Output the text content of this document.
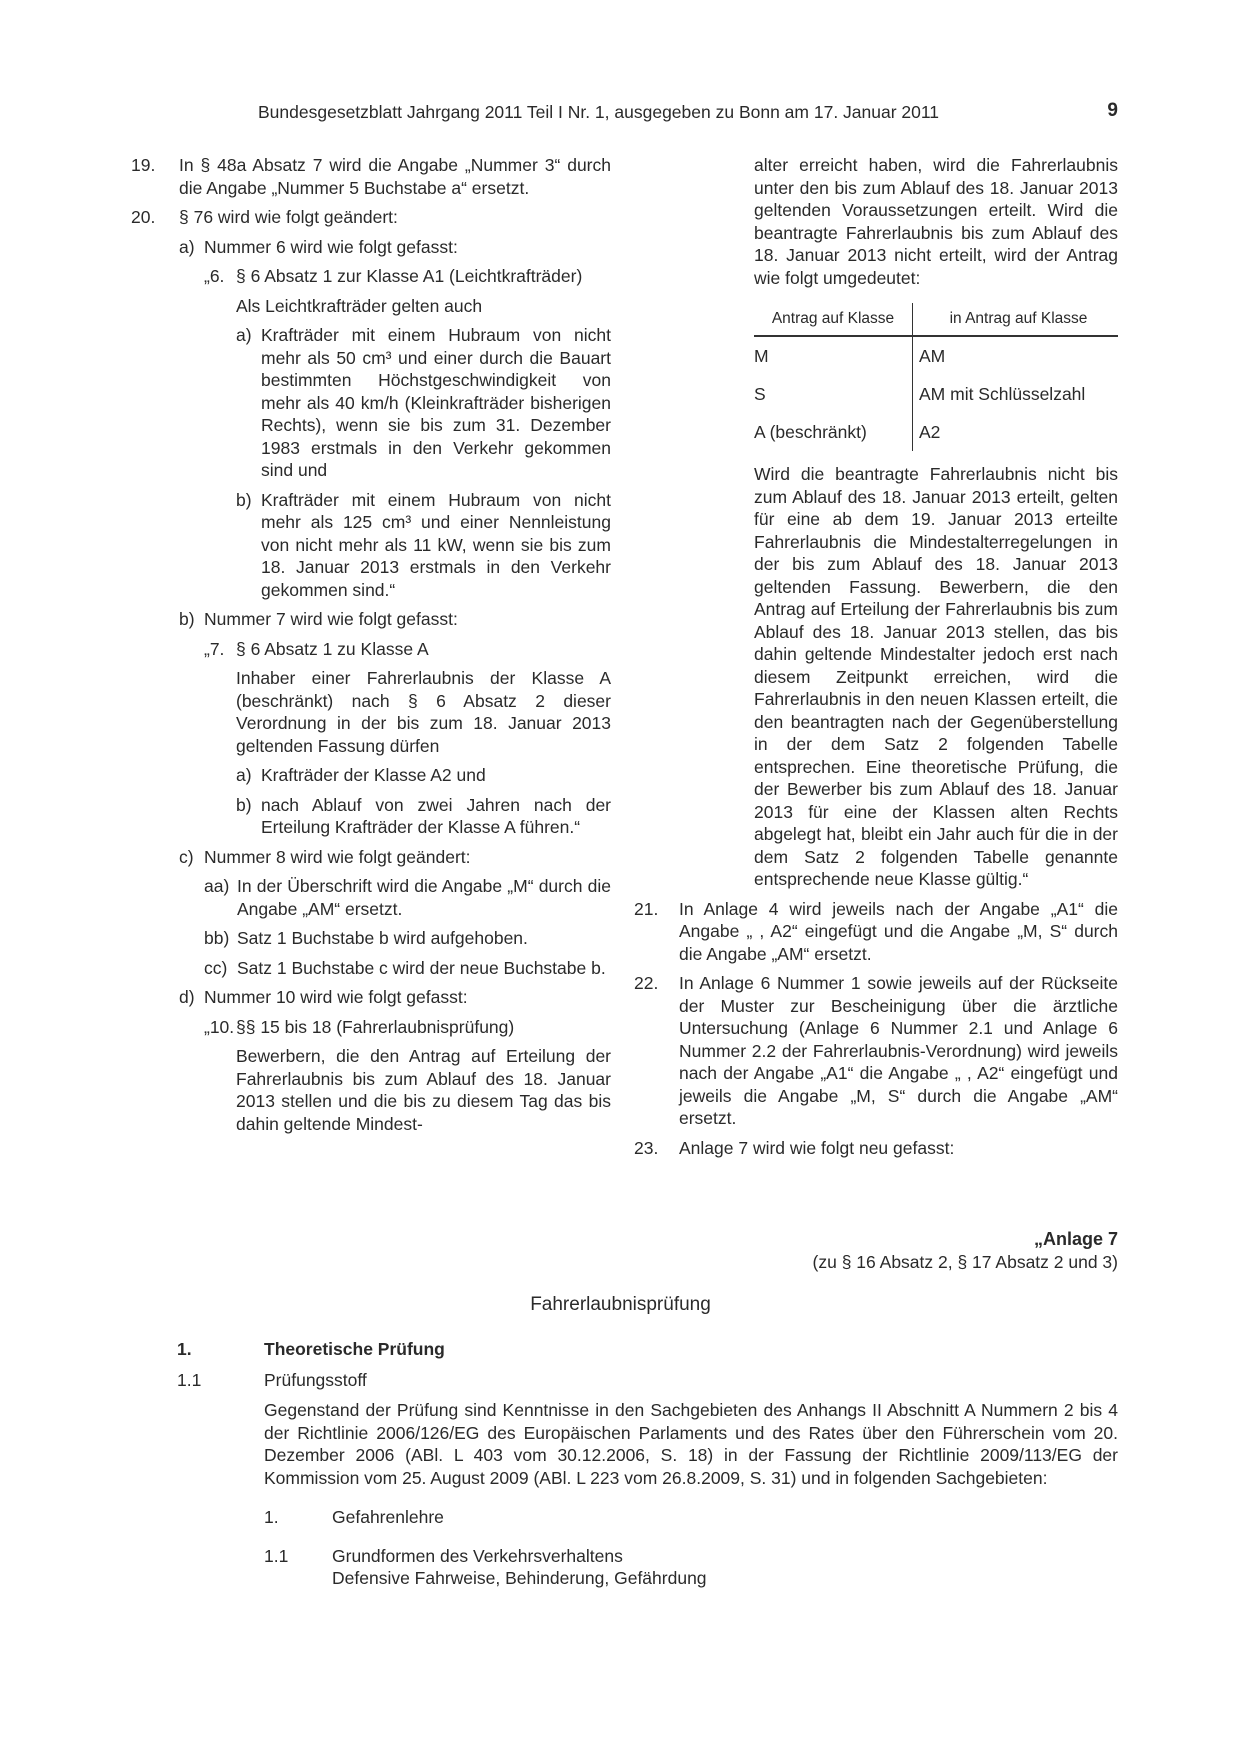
Bundesgesetzblatt Jahrgang 2011 Teil I Nr. 1, ausgegeben zu Bonn am 17. Januar 2011	9
19.	In § 48a Absatz 7 wird die Angabe „Nummer 3“ durch die Angabe „Nummer 5 Buchstabe a“ ersetzt.
20.	§ 76 wird wie folgt geändert:
a) Nummer 6 wird wie folgt gefasst:
„6. § 6 Absatz 1 zur Klasse A1 (Leichtkrafträder)
Als Leichtkrafträder gelten auch
a) Krafträder mit einem Hubraum von nicht mehr als 50 cm³ und einer durch die Bauart bestimmten Höchstgeschwindigkeit von mehr als 40 km/h (Kleinkrafträder bisherigen Rechts), wenn sie bis zum 31. Dezember 1983 erstmals in den Verkehr gekommen sind und
b) Krafträder mit einem Hubraum von nicht mehr als 125 cm³ und einer Nennleistung von nicht mehr als 11 kW, wenn sie bis zum 18. Januar 2013 erstmals in den Verkehr gekommen sind.“
b) Nummer 7 wird wie folgt gefasst:
„7. § 6 Absatz 1 zu Klasse A
Inhaber einer Fahrerlaubnis der Klasse A (beschränkt) nach § 6 Absatz 2 dieser Verordnung in der bis zum 18. Januar 2013 geltenden Fassung dürfen
a) Krafträder der Klasse A2 und
b) nach Ablauf von zwei Jahren nach der Erteilung Krafträder der Klasse A führen.“
c) Nummer 8 wird wie folgt geändert:
aa) In der Überschrift wird die Angabe „M“ durch die Angabe „AM“ ersetzt.
bb) Satz 1 Buchstabe b wird aufgehoben.
cc) Satz 1 Buchstabe c wird der neue Buchstabe b.
d) Nummer 10 wird wie folgt gefasst:
„10. §§ 15 bis 18 (Fahrerlaubnisprüfung)
Bewerbern, die den Antrag auf Erteilung der Fahrerlaubnis bis zum Ablauf des 18. Januar 2013 stellen und die bis zu diesem Tag das bis dahin geltende Mindest-
alter erreicht haben, wird die Fahrerlaubnis unter den bis zum Ablauf des 18. Januar 2013 geltenden Voraussetzungen erteilt. Wird die beantragte Fahrerlaubnis bis zum Ablauf des 18. Januar 2013 nicht erteilt, wird der Antrag wie folgt umgedeutet:
Antrag auf Klasse	in Antrag auf Klasse
M	AM
S	AM mit Schlüsselzahl
A (beschränkt)	A2
Wird die beantragte Fahrerlaubnis nicht bis zum Ablauf des 18. Januar 2013 erteilt, gelten für eine ab dem 19. Januar 2013 erteilte Fahrerlaubnis die Mindestalterregelungen in der bis zum Ablauf des 18. Januar 2013 geltenden Fassung. Bewerbern, die den Antrag auf Erteilung der Fahrerlaubnis bis zum Ablauf des 18. Januar 2013 stellen, das bis dahin geltende Mindestalter jedoch erst nach diesem Zeitpunkt erreichen, wird die Fahrerlaubnis in den neuen Klassen erteilt, die den beantragten nach der Gegenüberstellung in der dem Satz 2 folgenden Tabelle entsprechen. Eine theoretische Prüfung, die der Bewerber bis zum Ablauf des 18. Januar 2013 für eine der Klassen alten Rechts abgelegt hat, bleibt ein Jahr auch für die in der dem Satz 2 folgenden Tabelle genannte entsprechende neue Klasse gültig.“
21.	In Anlage 4 wird jeweils nach der Angabe „A1“ die Angabe „ , A2“ eingefügt und die Angabe „M, S“ durch die Angabe „AM“ ersetzt.
22.	In Anlage 6 Nummer 1 sowie jeweils auf der Rückseite der Muster zur Bescheinigung über die ärztliche Untersuchung (Anlage 6 Nummer 2.1 und Anlage 6 Nummer 2.2 der Fahrerlaubnis-Verordnung) wird jeweils nach der Angabe „A1“ die Angabe „ , A2“ eingefügt und jeweils die Angabe „M, S“ durch die Angabe „AM“ ersetzt.
23.	Anlage 7 wird wie folgt neu gefasst:
„Anlage 7
(zu § 16 Absatz 2, § 17 Absatz 2 und 3)
Fahrerlaubnisprüfung
1.	Theoretische Prüfung
1.1	Prüfungsstoff
Gegenstand der Prüfung sind Kenntnisse in den Sachgebieten des Anhangs II Abschnitt A Nummern 2 bis 4 der Richtlinie 2006/126/EG des Europäischen Parlaments und des Rates über den Führerschein vom 20. Dezember 2006 (ABl. L 403 vom 30.12.2006, S. 18) in der Fassung der Richtlinie 2009/113/EG der Kommission vom 25. August 2009 (ABl. L 223 vom 26.8.2009, S. 31) und in folgenden Sachgebieten:
1.	Gefahrenlehre
1.1	Grundformen des Verkehrsverhaltens
Defensive Fahrweise, Behinderung, Gefährdung
